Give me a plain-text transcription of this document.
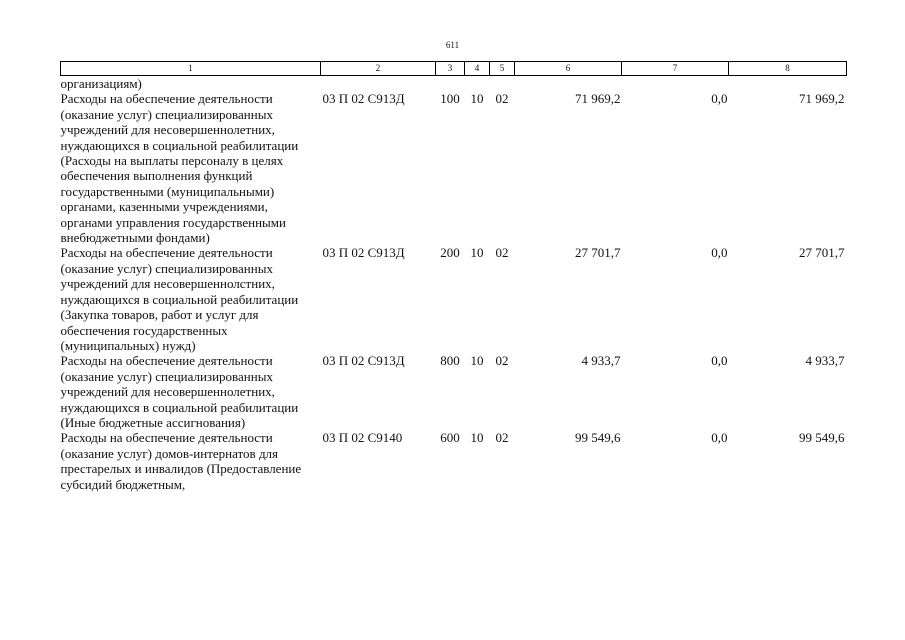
611
1	2	3	4	5	6	7	8
организациям)							
Расходы на обеспечение деятельности (оказание услуг) специализированных учреждений для несовершеннолетних, нуждающихся в социальной реабилитации (Расходы на выплаты персоналу в целях обеспечения выполнения функций государственными (муниципальными) органами, казенными учреждениями, органами управления государственными внебюджетными фондами)	03 П 02 С913Д	100	10	02	71 969,2	0,0	71 969,2
Расходы на обеспечение деятельности (оказание услуг) специализированных учреждений для несовершеннолстних, нуждающихся в социальной реабилитации (Закупка товаров, работ и услуг для обеспечения государственных (муниципальных) нужд)	03 П 02 С913Д	200	10	02	27 701,7	0,0	27 701,7
Расходы на обеспечение деятельности (оказание услуг) специализированных учреждений для несовершеннолетних, нуждающихся в социальной реабилитации (Иные бюджетные ассигнования)	03 П 02 С913Д	800	10	02	4 933,7	0,0	4 933,7
Расходы на обеспечение деятельности (оказание услуг) домов-интернатов для престарелых и инвалидов (Предоставление субсидий бюджетным,	03 П 02 С9140	600	10	02	99 549,6	0,0	99 549,6
